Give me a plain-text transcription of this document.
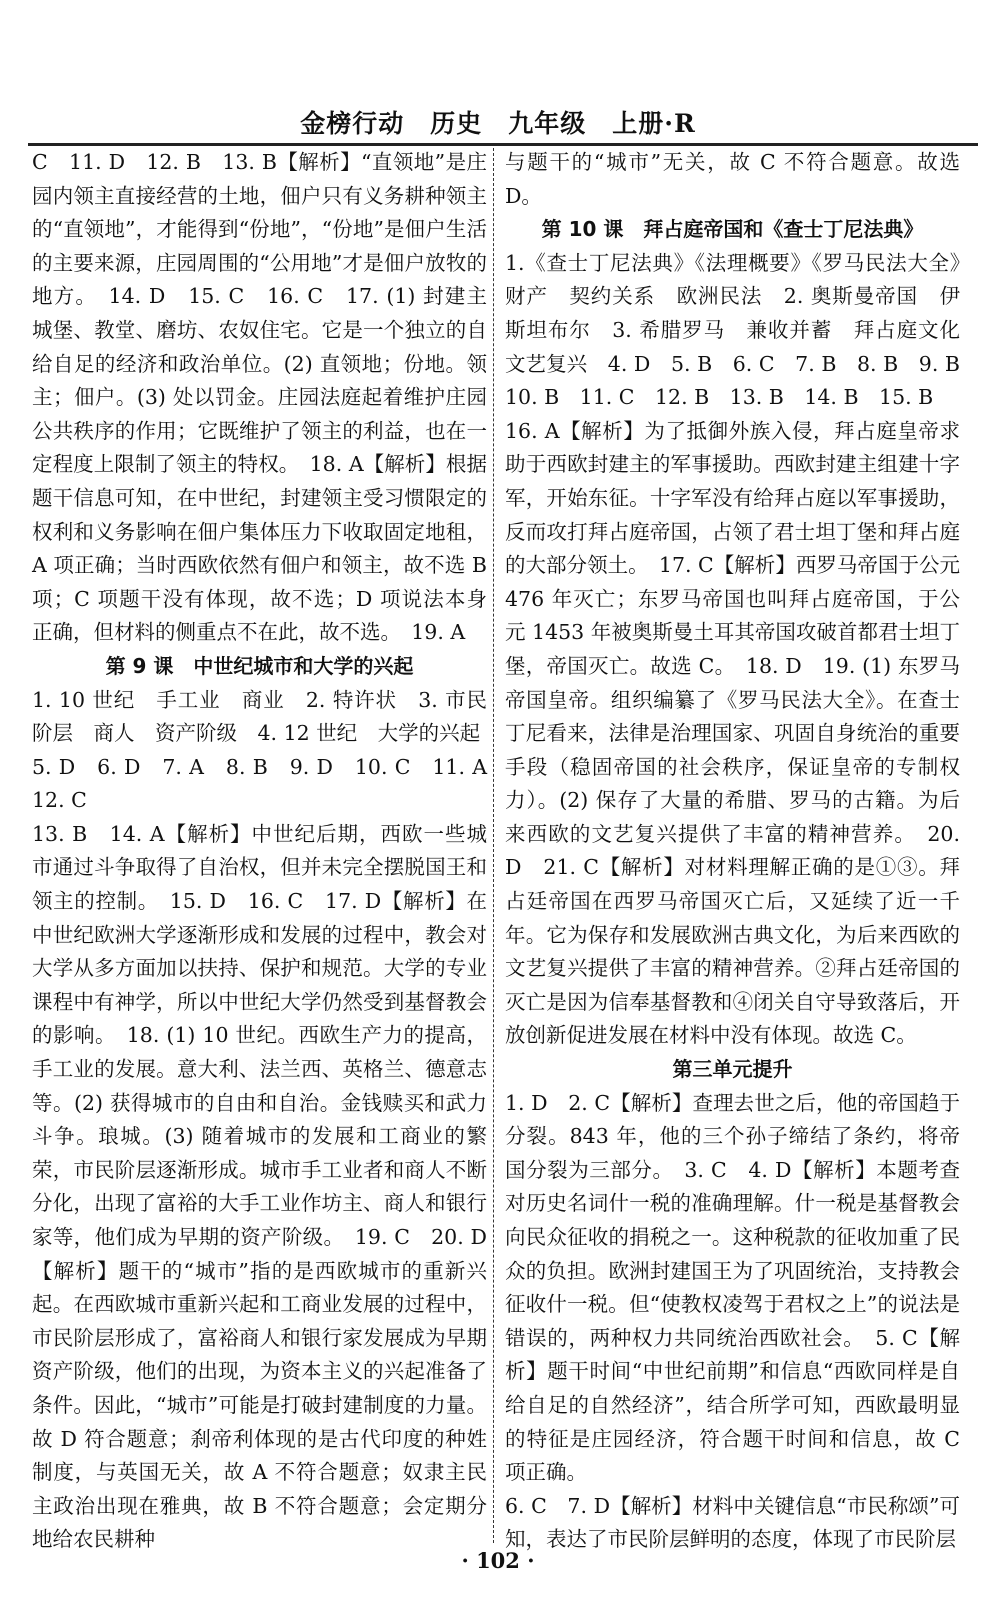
金榜行动　历史　九年级　上册·R

C　11. D　12. B　13. B【解析】“直领地”是庄园内领主直接经营的土地，佃户只有义务耕种领主的“直领地”，才能得到“份地”，“份地”是佃户生活的主要来源，庄园周围的“公用地”才是佃户放牧的地方。　14. D　15. C　16. C　17. (1) 封建主城堡、教堂、磨坊、农奴住宅。它是一个独立的自给自足的经济和政治单位。(2) 直领地；份地。领主；佃户。(3) 处以罚金。庄园法庭起着维护庄园公共秩序的作用；它既维护了领主的利益，也在一定程度上限制了领主的特权。　18. A【解析】根据题干信息可知，在中世纪，封建领主受习惯限定的权利和义务影响在佃户集体压力下收取固定地租，A 项正确；当时西欧依然有佃户和领主，故不选 B 项；C 项题干没有体现，故不选；D 项说法本身正确，但材料的侧重点不在此，故不选。　19. A

第 9 课　中世纪城市和大学的兴起

1. 10 世纪　手工业　商业　2. 特许状　3. 市民阶层　商人　资产阶级　4. 12 世纪　大学的兴起

5. D　6. D　7. A　8. B　9. D　10. C　11. A　12. C

13. B　14. A【解析】中世纪后期，西欧一些城市通过斗争取得了自治权，但并未完全摆脱国王和领主的控制。　15. D　16. C　17. D【解析】在中世纪欧洲大学逐渐形成和发展的过程中，教会对大学从多方面加以扶持、保护和规范。大学的专业课程中有神学，所以中世纪大学仍然受到基督教会的影响。　18. (1) 10 世纪。西欧生产力的提高，手工业的发展。意大利、法兰西、英格兰、德意志等。(2) 获得城市的自由和自治。金钱赎买和武力斗争。琅城。(3) 随着城市的发展和工商业的繁荣，市民阶层逐渐形成。城市手工业者和商人不断分化，出现了富裕的大手工业作坊主、商人和银行家等，他们成为早期的资产阶级。　19. C　20. D【解析】题干的“城市”指的是西欧城市的重新兴起。在西欧城市重新兴起和工商业发展的过程中，市民阶层形成了，富裕商人和银行家发展成为早期资产阶级，他们的出现，为资本主义的兴起准备了条件。因此，“城市”可能是打破封建制度的力量。故 D 符合题意；刹帝利体现的是古代印度的种姓制度，与英国无关，故 A 不符合题意；奴隶主民主政治出现在雅典，故 B 不符合题意；会定期分地给农民耕种

与题干的“城市”无关，故 C 不符合题意。故选 D。

第 10 课　拜占庭帝国和《查士丁尼法典》

1.《查士丁尼法典》《法理概要》《罗马民法大全》　财产　契约关系　欧洲民法　2. 奥斯曼帝国　伊斯坦布尔　3. 希腊罗马　兼收并蓄　拜占庭文化　文艺复兴　4. D　5. B　6. C　7. B　8. B　9. B　10. B　11. C　12. B　13. B　14. B　15. B

16. A【解析】为了抵御外族入侵，拜占庭皇帝求助于西欧封建主的军事援助。西欧封建主组建十字军，开始东征。十字军没有给拜占庭以军事援助，反而攻打拜占庭帝国，占领了君士坦丁堡和拜占庭的大部分领土。　17. C【解析】西罗马帝国于公元 476 年灭亡；东罗马帝国也叫拜占庭帝国，于公元 1453 年被奥斯曼土耳其帝国攻破首都君士坦丁堡，帝国灭亡。故选 C。　18. D　19. (1) 东罗马帝国皇帝。组织编纂了《罗马民法大全》。在查士丁尼看来，法律是治理国家、巩固自身统治的重要手段（稳固帝国的社会秩序，保证皇帝的专制权力）。(2) 保存了大量的希腊、罗马的古籍。为后来西欧的文艺复兴提供了丰富的精神营养。　20. D　21. C【解析】对材料理解正确的是①③。拜占廷帝国在西罗马帝国灭亡后，又延续了近一千年。它为保存和发展欧洲古典文化，为后来西欧的文艺复兴提供了丰富的精神营养。②拜占廷帝国的灭亡是因为信奉基督教和④闭关自守导致落后，开放创新促进发展在材料中没有体现。故选 C。

第三单元提升

1. D　2. C【解析】查理去世之后，他的帝国趋于分裂。843 年，他的三个孙子缔结了条约，将帝国分裂为三部分。　3. C　4. D【解析】本题考查对历史名词什一税的准确理解。什一税是基督教会向民众征收的捐税之一。这种税款的征收加重了民众的负担。欧洲封建国王为了巩固统治，支持教会征收什一税。但“使教权凌驾于君权之上”的说法是错误的，两种权力共同统治西欧社会。　5. C【解析】题干时间“中世纪前期”和信息“西欧同样是自给自足的自然经济”，结合所学可知，西欧最明显的特征是庄园经济，符合题干时间和信息，故 C 项正确。

6. C　7. D【解析】材料中关键信息“市民称颂”可知，表达了市民阶层鲜明的态度，体现了市民阶层

· 102 ·
